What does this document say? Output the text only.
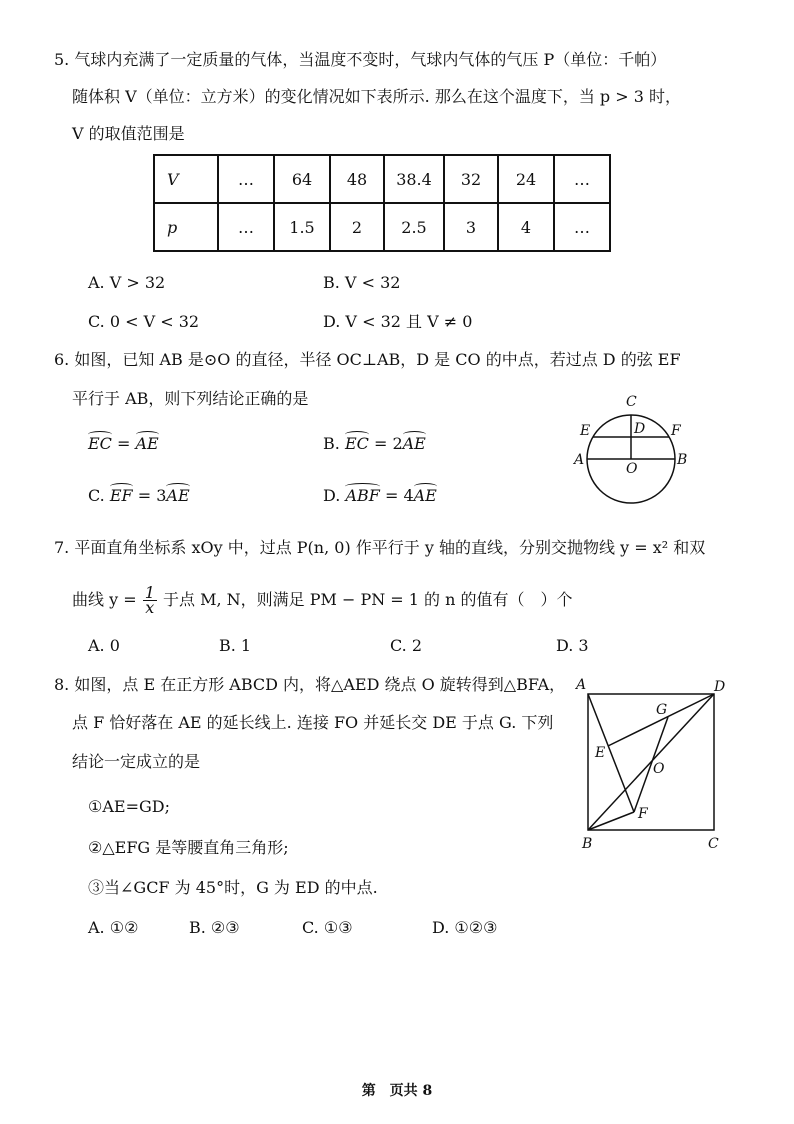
5. 气球内充满了一定质量的气体，当温度不变时，气球内气体的气压 P（单位：千帕）
随体积 V（单位：立方米）的变化情况如下表所示. 那么在这个温度下，当 p > 3 时，
V 的取值范围是
V	…	64	48	38.4	32	24	…
p	…	1.5	2	2.5	3	4	…
A. V > 32	B. V < 32
C. 0 < V < 32	D. V < 32 且 V ≠ 0
6. 如图，已知 AB 是⊙O 的直径，半径 OC⊥AB，D 是 CO 的中点，若过点 D 的弦 EF
平行于 AB，则下列结论正确的是
EC = AE	B. EC = 2AE
C. EF = 3AE	D. ABF = 4AE
C
E	D F
A
O
B
7. 平面直角坐标系 xOy 中，过点 P(n, 0) 作平行于 y 轴的直线，分别交抛物线 y = x² 和双
曲线 $y = \frac{1}{x}$ 于点 M, N，则满足 PM − PN = 1 的 n 的值有（　）个
A. 0	B. 1	C. 2	D. 3
8. 如图，点 E 在正方形 ABCD 内，将△AED 绕点 O 旋转得到△BFA，
点 F 恰好落在 AE 的延长线上. 连接 FO 并延长交 DE 于点 G. 下列
结论一定成立的是
①AE=GD;
②△EFG 是等腰直角三角形;
③当∠GCF 为 45°时，G 为 ED 的中点.
A. ①②	B. ②③	C. ①③	D. ①②③
A	D
G
E
O
F
B	C
第　页共 8
